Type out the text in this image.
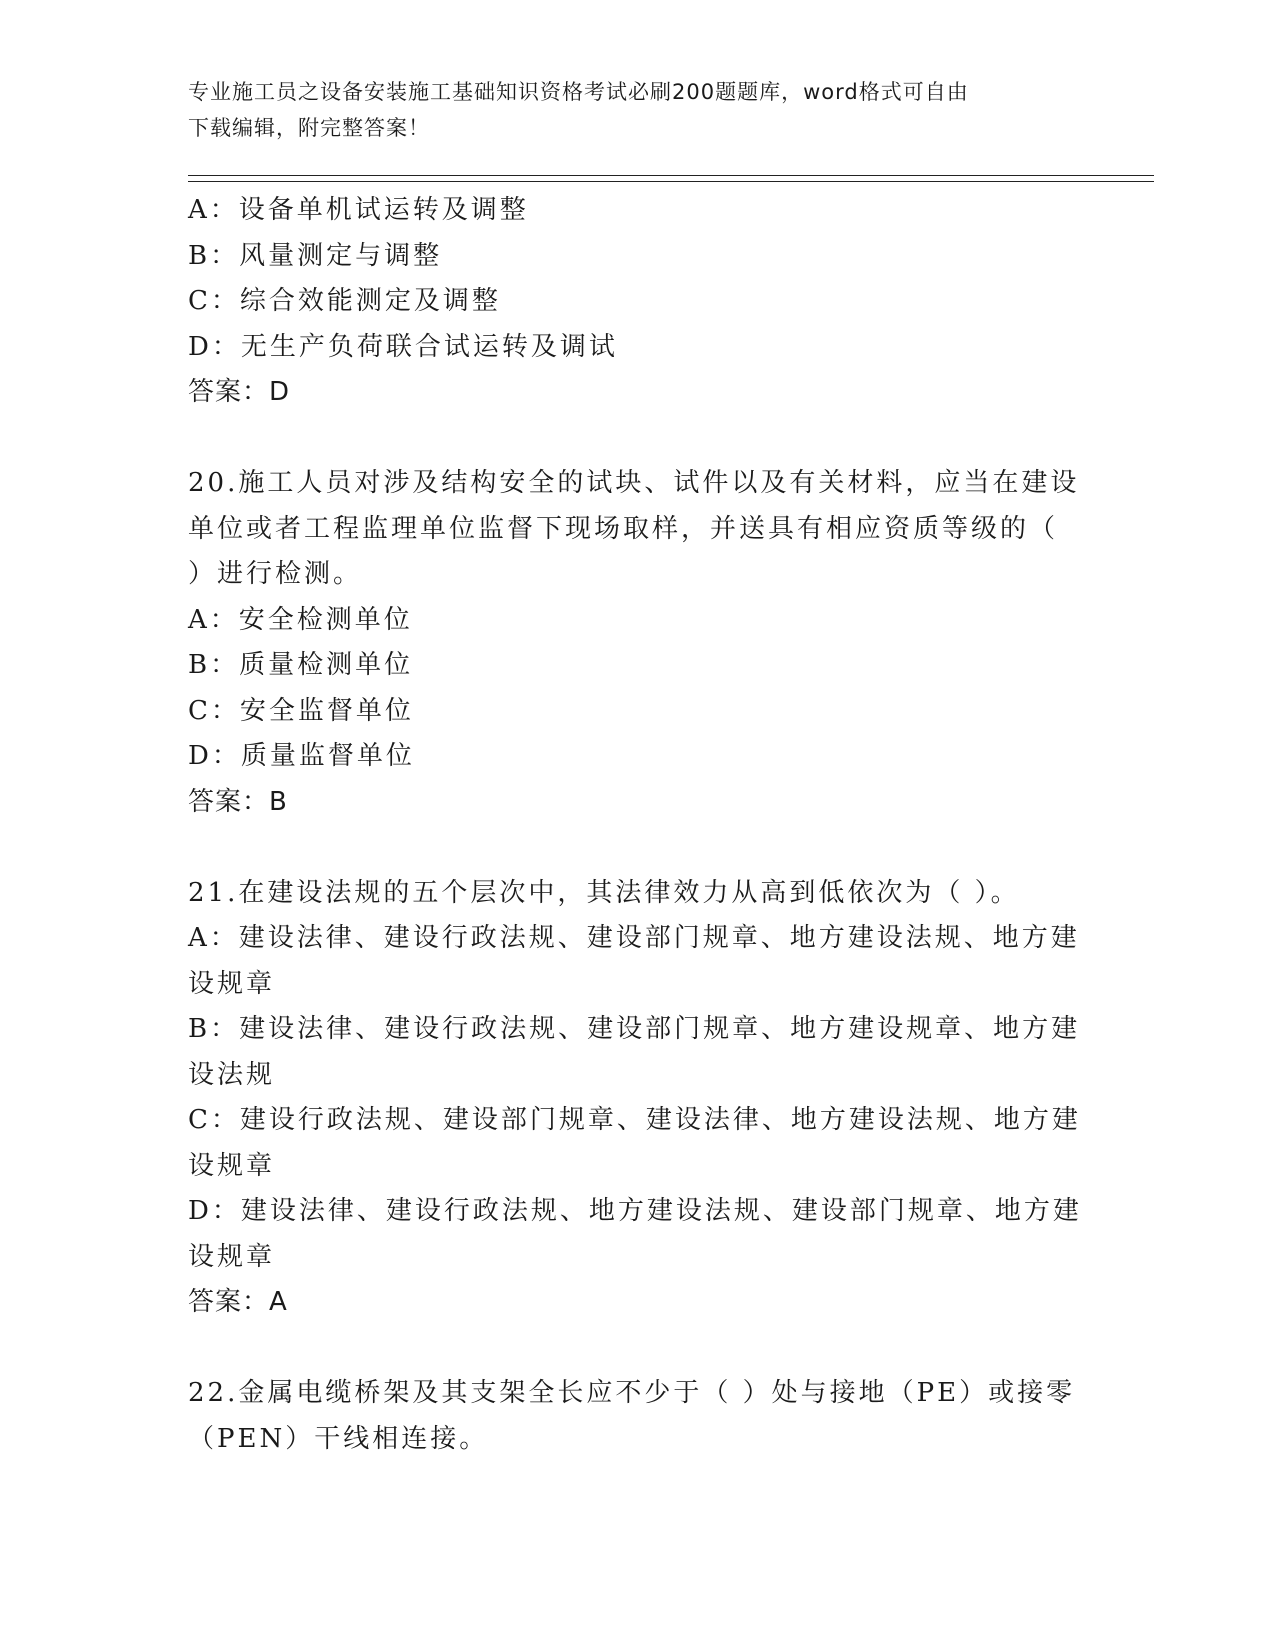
专业施工员之设备安装施工基础知识资格考试必刷200题题库，word格式可自由
下载编辑，附完整答案！
A：设备单机试运转及调整
B：风量测定与调整
C：综合效能测定及调整
D：无生产负荷联合试运转及调试
答案：D
20.施工人员对涉及结构安全的试块、试件以及有关材料，应当在建设
单位或者工程监理单位监督下现场取样，并送具有相应资质等级的（
）进行检测。
A：安全检测单位
B：质量检测单位
C：安全监督单位
D：质量监督单位
答案：B
21.在建设法规的五个层次中，其法律效力从高到低依次为（ ）。
A：建设法律、建设行政法规、建设部门规章、地方建设法规、地方建
设规章
B：建设法律、建设行政法规、建设部门规章、地方建设规章、地方建
设法规
C：建设行政法规、建设部门规章、建设法律、地方建设法规、地方建
设规章
D：建设法律、建设行政法规、地方建设法规、建设部门规章、地方建
设规章
答案：A
22.金属电缆桥架及其支架全长应不少于（ ）处与接地（PE）或接零
（PEN）干线相连接。
